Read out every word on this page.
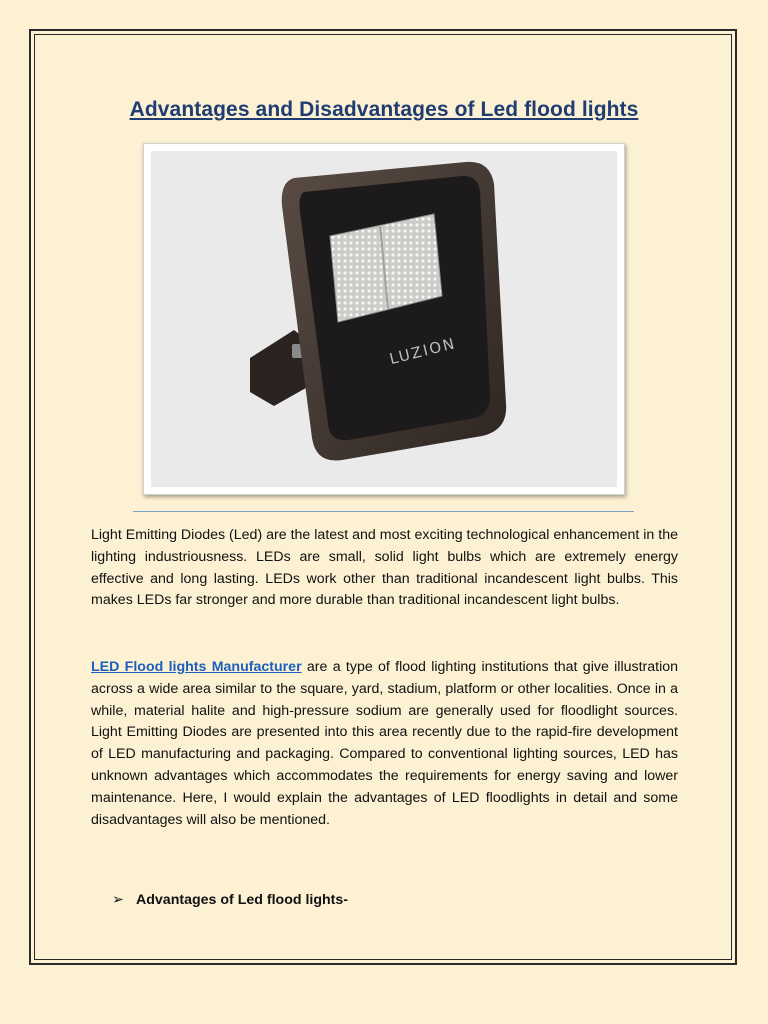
Advantages and Disadvantages of Led flood lights
LUZION
Light Emitting Diodes (Led) are the latest and most exciting technological enhancement in the lighting industriousness. LEDs are small, solid light bulbs which are extremely energy effective and long lasting. LEDs work other than traditional incandescent light bulbs. This makes LEDs far stronger and more durable than traditional incandescent light bulbs.
LED Flood lights Manufacturer are a type of flood lighting institutions that give illustration across a wide area similar to the square, yard, stadium, platform or other localities. Once in a while, material halite and high-pressure sodium are generally used for floodlight sources. Light Emitting Diodes are presented into this area recently due to the rapid-fire development of LED manufacturing and packaging. Compared to conventional lighting sources, LED has unknown advantages which accommodates the requirements for energy saving and lower maintenance. Here, I would explain the advantages of LED floodlights in detail and some disadvantages will also be mentioned.
➢ Advantages of Led flood lights-
